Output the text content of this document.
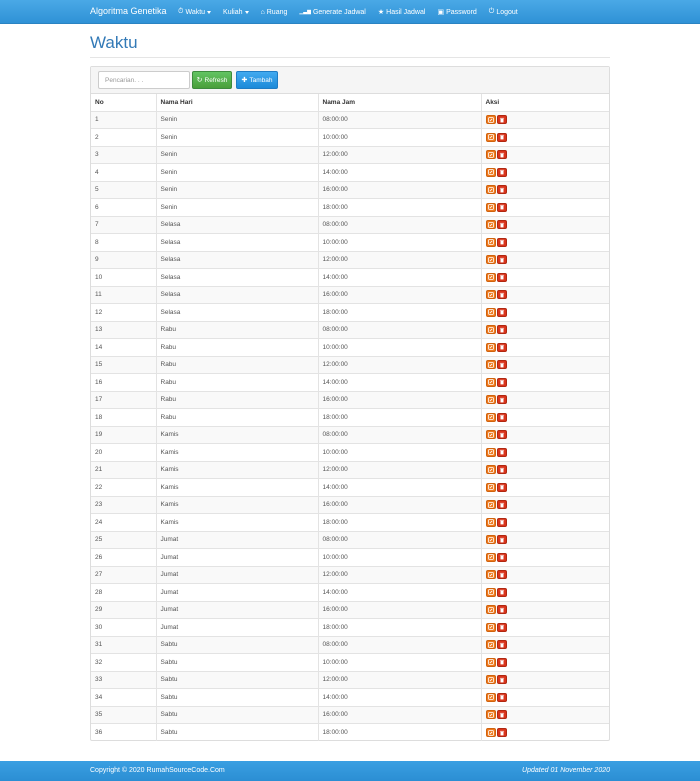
Algoritma Genetika ⏱ Waktu	Kuliah	⌂ Ruang ▁▃▆ Generate Jadwal ★ Hasil Jadwal ▣ Password ⏻ Logout
Waktu
Pencarian. . .
↻ Refresh ✚ Tambah
No	Nama Hari	Nama Jam	Aksi
1	Senin	08:00:00	

2	Senin	10:00:00	

3	Senin	12:00:00	

4	Senin	14:00:00	

5	Senin	16:00:00	

6	Senin	18:00:00	

7	Selasa	08:00:00	

8	Selasa	10:00:00	

9	Selasa	12:00:00	

10	Selasa	14:00:00	

11	Selasa	16:00:00	

12	Selasa	18:00:00	

13	Rabu	08:00:00	

14	Rabu	10:00:00	

15	Rabu	12:00:00	

16	Rabu	14:00:00	

17	Rabu	16:00:00	

18	Rabu	18:00:00	

19	Kamis	08:00:00	

20	Kamis	10:00:00	

21	Kamis	12:00:00	

22	Kamis	14:00:00	

23	Kamis	16:00:00	

24	Kamis	18:00:00	

25	Jumat	08:00:00	

26	Jumat	10:00:00	

27	Jumat	12:00:00	

28	Jumat	14:00:00	

29	Jumat	16:00:00	

30	Jumat	18:00:00	

31	Sabtu	08:00:00	

32	Sabtu	10:00:00	

33	Sabtu	12:00:00	

34	Sabtu	14:00:00	

35	Sabtu	16:00:00	

36	Sabtu	18:00:00	
Copyright © 2020 RumahSourceCode.Com	Updated 01 November 2020
